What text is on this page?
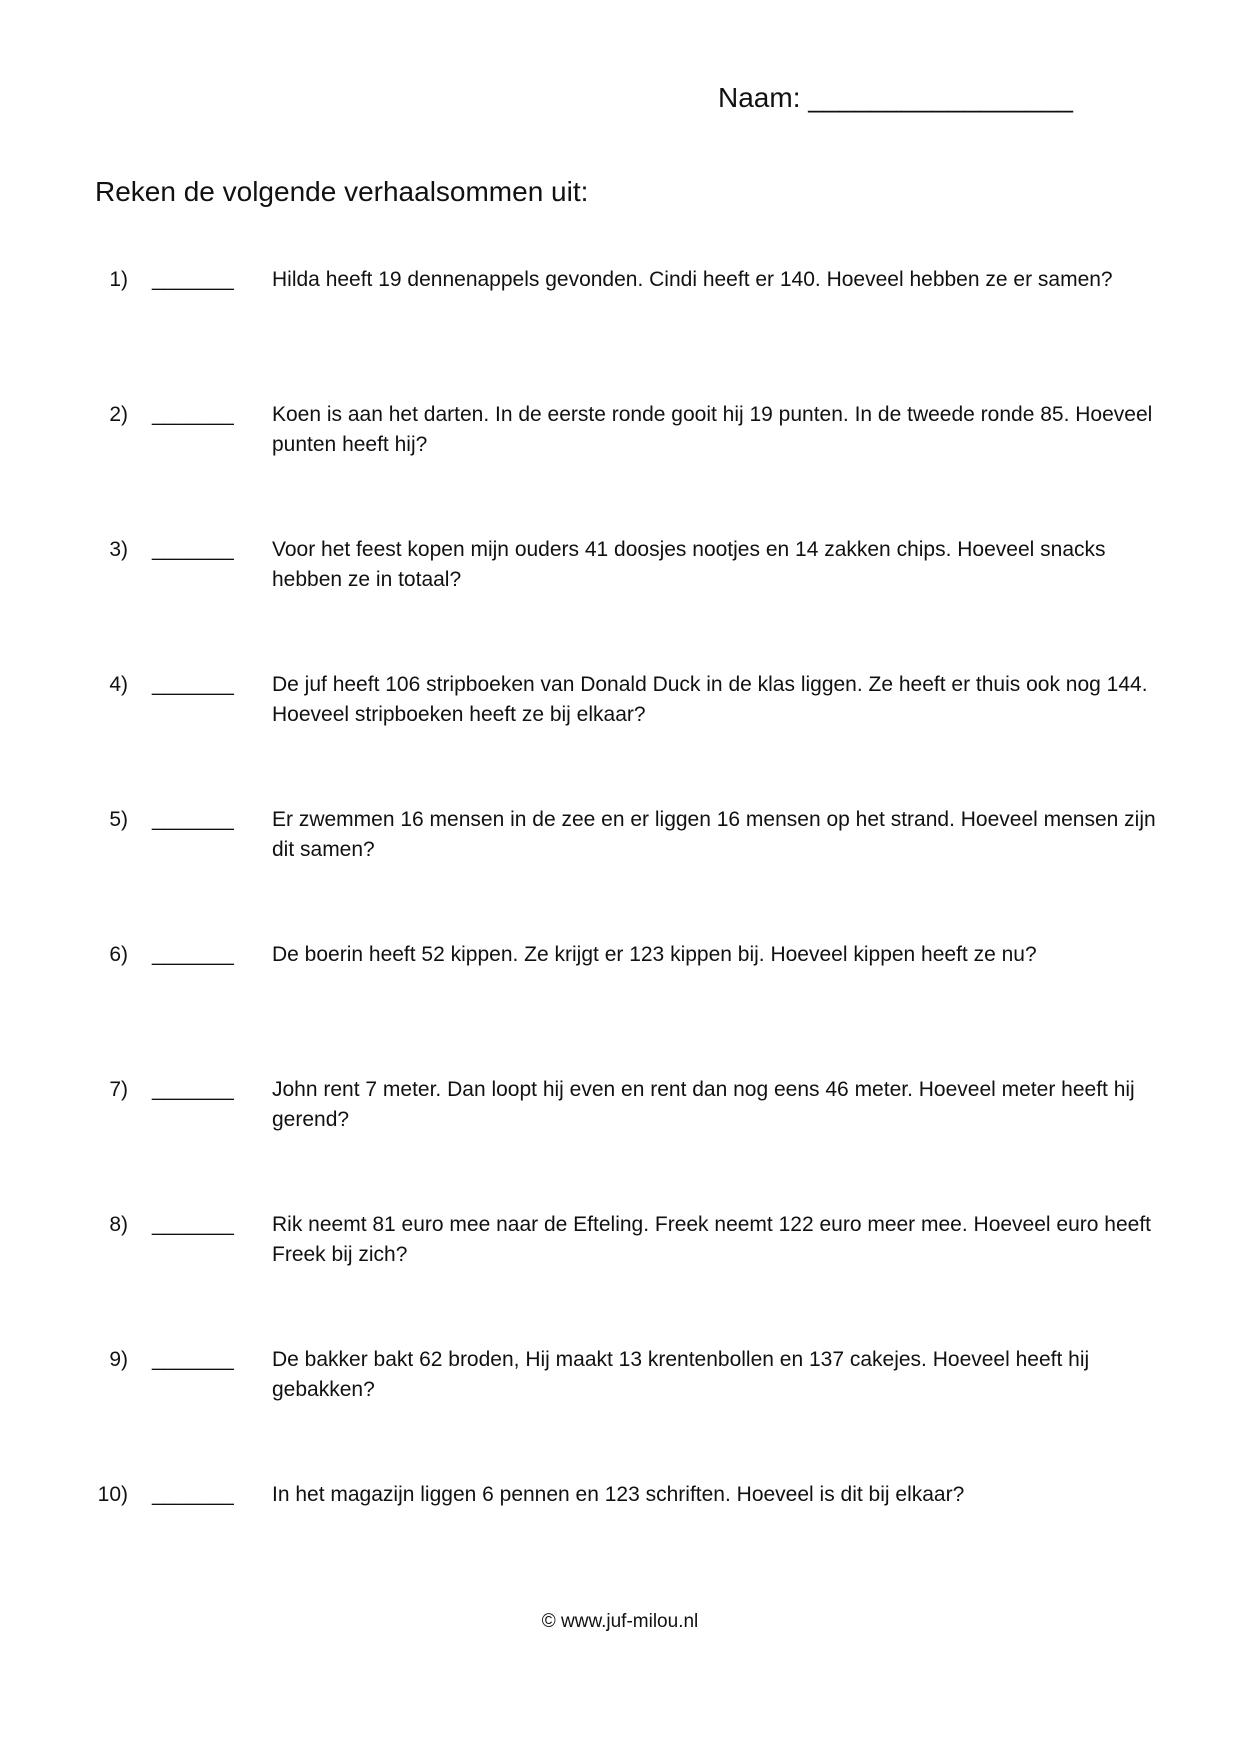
Naam: _________________
Reken de volgende verhaalsommen uit:
1) _______ Hilda heeft 19 dennenappels gevonden. Cindi heeft er 140. Hoeveel hebben ze er samen?
2) _______ Koen is aan het darten. In de eerste ronde gooit hij 19 punten. In de tweede ronde 85. Hoeveel punten heeft hij?
3) _______ Voor het feest kopen mijn ouders 41 doosjes nootjes en 14 zakken chips. Hoeveel snacks hebben ze in totaal?
4) _______ De juf heeft 106 stripboeken van Donald Duck in de klas liggen. Ze heeft er thuis ook nog 144. Hoeveel stripboeken heeft ze bij elkaar?
5) _______ Er zwemmen 16 mensen in de zee en er liggen 16 mensen op het strand. Hoeveel mensen zijn dit samen?
6) _______ De boerin heeft 52 kippen. Ze krijgt er 123 kippen bij. Hoeveel kippen heeft ze nu?
7) _______ John rent 7 meter. Dan loopt hij even en rent dan nog eens 46 meter. Hoeveel meter heeft hij gerend?
8) _______ Rik neemt 81 euro mee naar de Efteling. Freek neemt 122 euro meer mee. Hoeveel euro heeft Freek bij zich?
9) _______ De bakker bakt 62 broden, Hij maakt 13 krentenbollen en 137 cakejes. Hoeveel heeft hij gebakken?
10) _______ In het magazijn liggen 6 pennen en 123 schriften. Hoeveel is dit bij elkaar?
© www.juf-milou.nl
